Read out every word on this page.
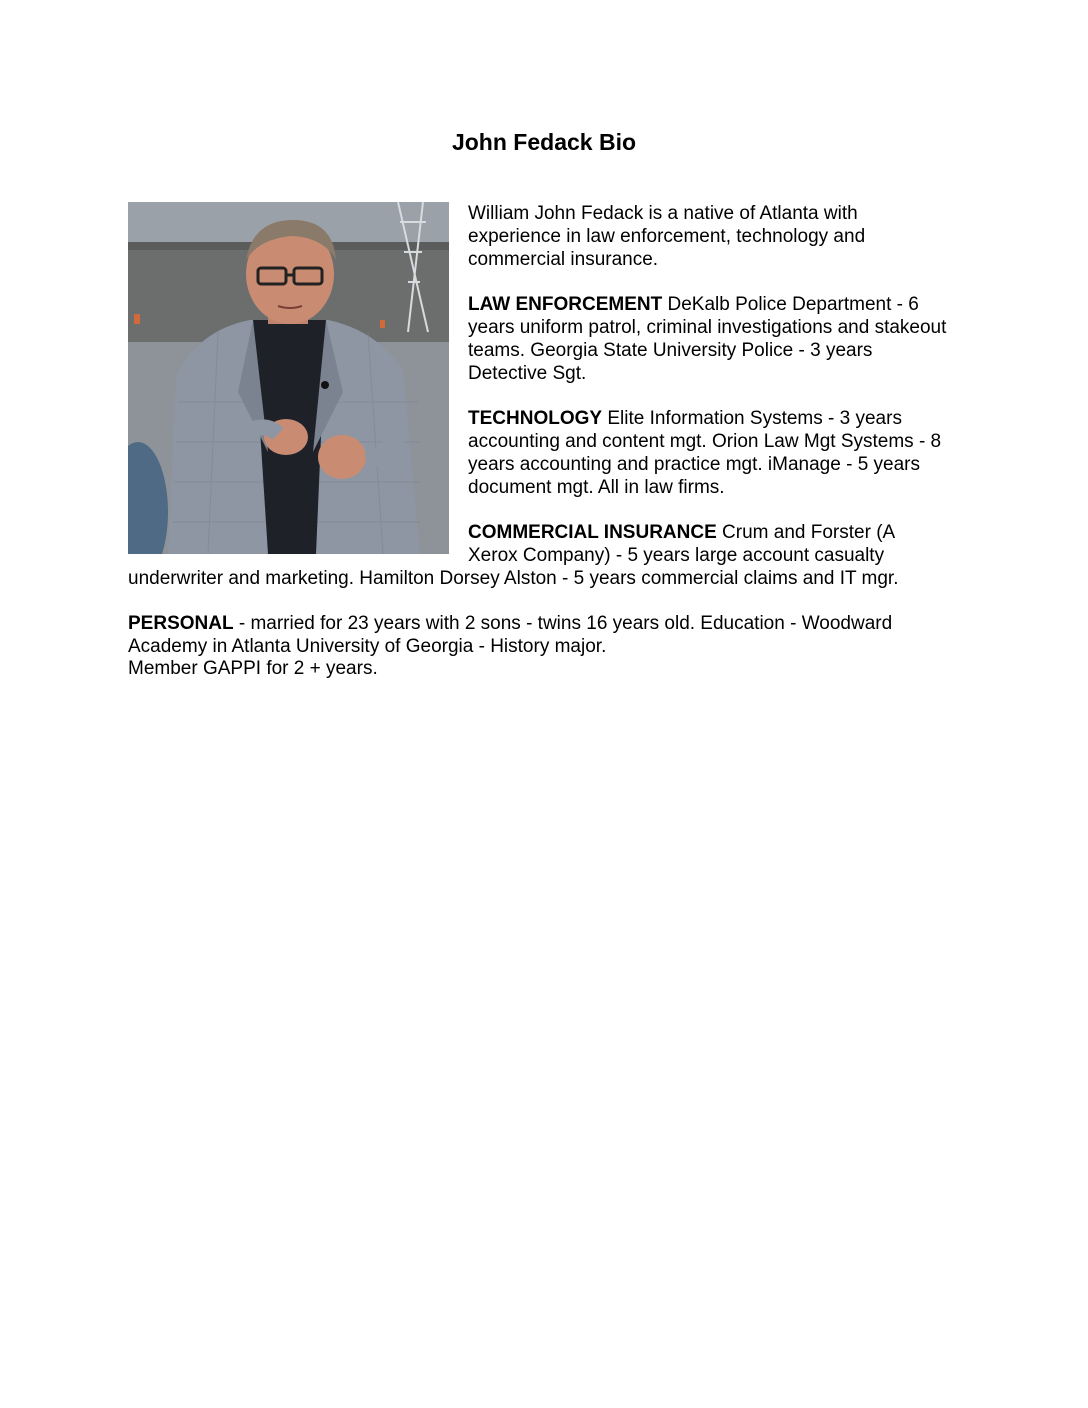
John Fedack Bio

William John Fedack is a native of Atlanta with

experience in law enforcement, technology and

commercial insurance.

LAW ENFORCEMENT DeKalb Police Department - 6

years uniform patrol, criminal investigations and stakeout

teams. Georgia State University Police - 3 years

Detective Sgt.

TECHNOLOGY Elite Information Systems - 3 years

accounting and content mgt. Orion Law Mgt Systems - 8

years accounting and practice mgt. iManage - 5 years

document mgt. All in law firms.

COMMERCIAL INSURANCE Crum and Forster (A

Xerox Company) - 5 years large account casualty

underwriter and marketing. Hamilton Dorsey Alston - 5 years commercial claims and IT mgr.

PERSONAL - married for 23 years with 2 sons - twins 16 years old. Education - Woodward

Academy in Atlanta University of Georgia - History major.

Member GAPPI for 2 + years.
